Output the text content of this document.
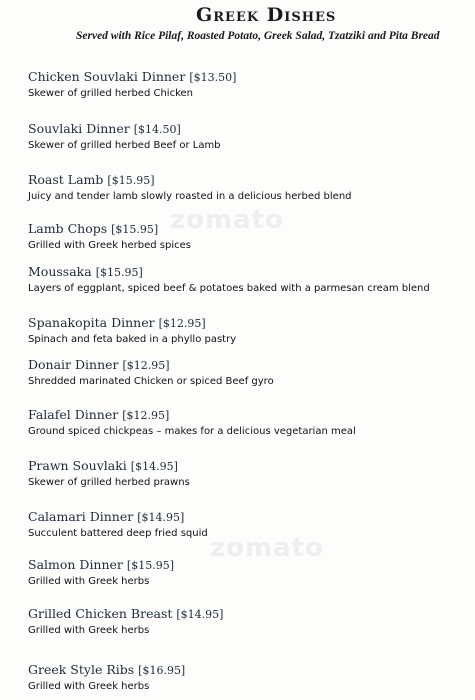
Greek Dishes

Served with Rice Pilaf, Roasted Potato, Greek Salad, Tzatziki and Pita Bread

zomato
zomato
Chicken Souvlaki Dinner [$13.50]
Skewer of grilled herbed Chicken
Souvlaki Dinner [$14.50]
Skewer of grilled herbed Beef or Lamb
Roast Lamb [$15.95]
Juicy and tender lamb slowly roasted in a delicious herbed blend
Lamb Chops [$15.95]
Grilled with Greek herbed spices
Moussaka [$15.95]
Layers of eggplant, spiced beef & potatoes baked with a parmesan cream blend
Spanakopita Dinner [$12.95]
Spinach and feta baked in a phyllo pastry
Donair Dinner [$12.95]
Shredded marinated Chicken or spiced Beef gyro
Falafel Dinner [$12.95]
Ground spiced chickpeas – makes for a delicious vegetarian meal
Prawn Souvlaki [$14.95]
Skewer of grilled herbed prawns
Calamari Dinner [$14.95]
Succulent battered deep fried squid
Salmon Dinner [$15.95]
Grilled with Greek herbs
Grilled Chicken Breast [$14.95]
Grilled with Greek herbs
Greek Style Ribs [$16.95]
Grilled with Greek herbs
